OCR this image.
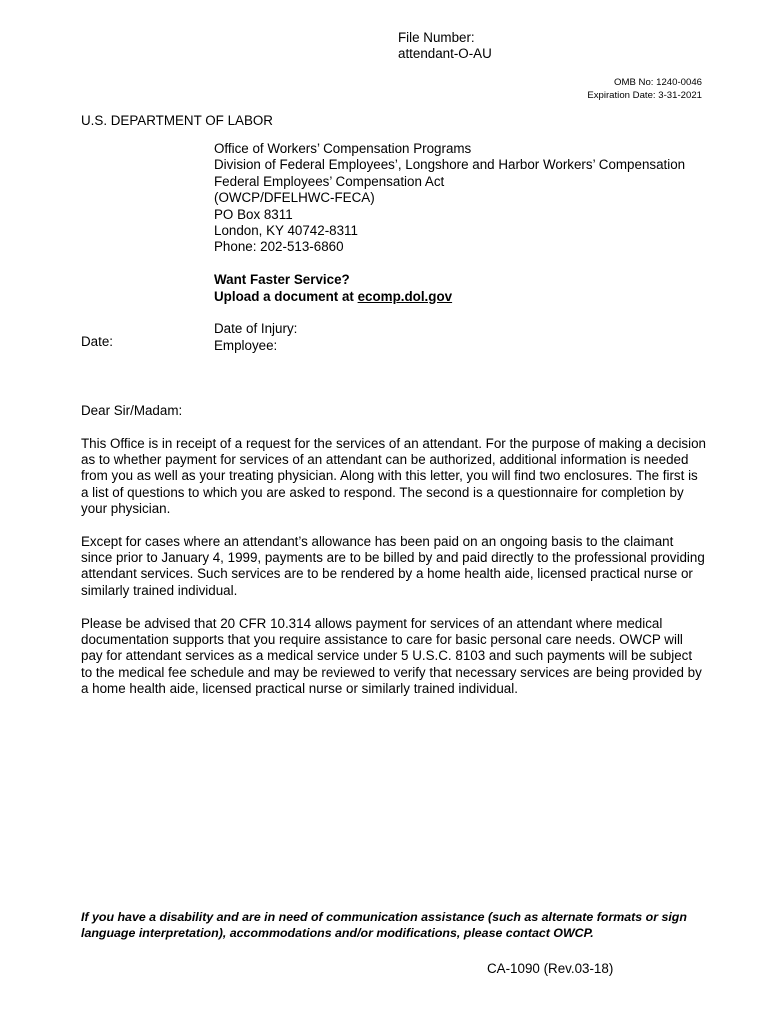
File Number:
attendant-O-AU
OMB No: 1240-0046
Expiration Date: 3-31-2021
U.S. DEPARTMENT OF LABOR
Office of Workers’ Compensation Programs
Division of Federal Employees’, Longshore and Harbor Workers’ Compensation
Federal Employees’ Compensation Act
(OWCP/DFELHWC-FECA)
PO Box 8311
London, KY 40742-8311
Phone: 202-513-6860
Want Faster Service?
Upload a document at ecomp.dol.gov
Date:
Date of Injury:
Employee:
Dear Sir/Madam:

This Office is in receipt of a request for the services of an attendant. For the purpose of making a decision as to whether payment for services of an attendant can be authorized, additional information is needed from you as well as your treating physician. Along with this letter, you will find two enclosures. The first is a list of questions to which you are asked to respond. The second is a questionnaire for completion by your physician.

Except for cases where an attendant’s allowance has been paid on an ongoing basis to the claimant since prior to January 4, 1999, payments are to be billed by and paid directly to the professional providing attendant services. Such services are to be rendered by a home health aide, licensed practical nurse or similarly trained individual.

Please be advised that 20 CFR 10.314 allows payment for services of an attendant where medical documentation supports that you require assistance to care for basic personal care needs. OWCP will pay for attendant services as a medical service under 5 U.S.C. 8103 and such payments will be subject to the medical fee schedule and may be reviewed to verify that necessary services are being provided by a home health aide, licensed practical nurse or similarly trained individual.

If you have a disability and are in need of communication assistance (such as alternate formats or sign language interpretation), accommodations and/or modifications, please contact OWCP.
CA-1090 (Rev.03-18)
